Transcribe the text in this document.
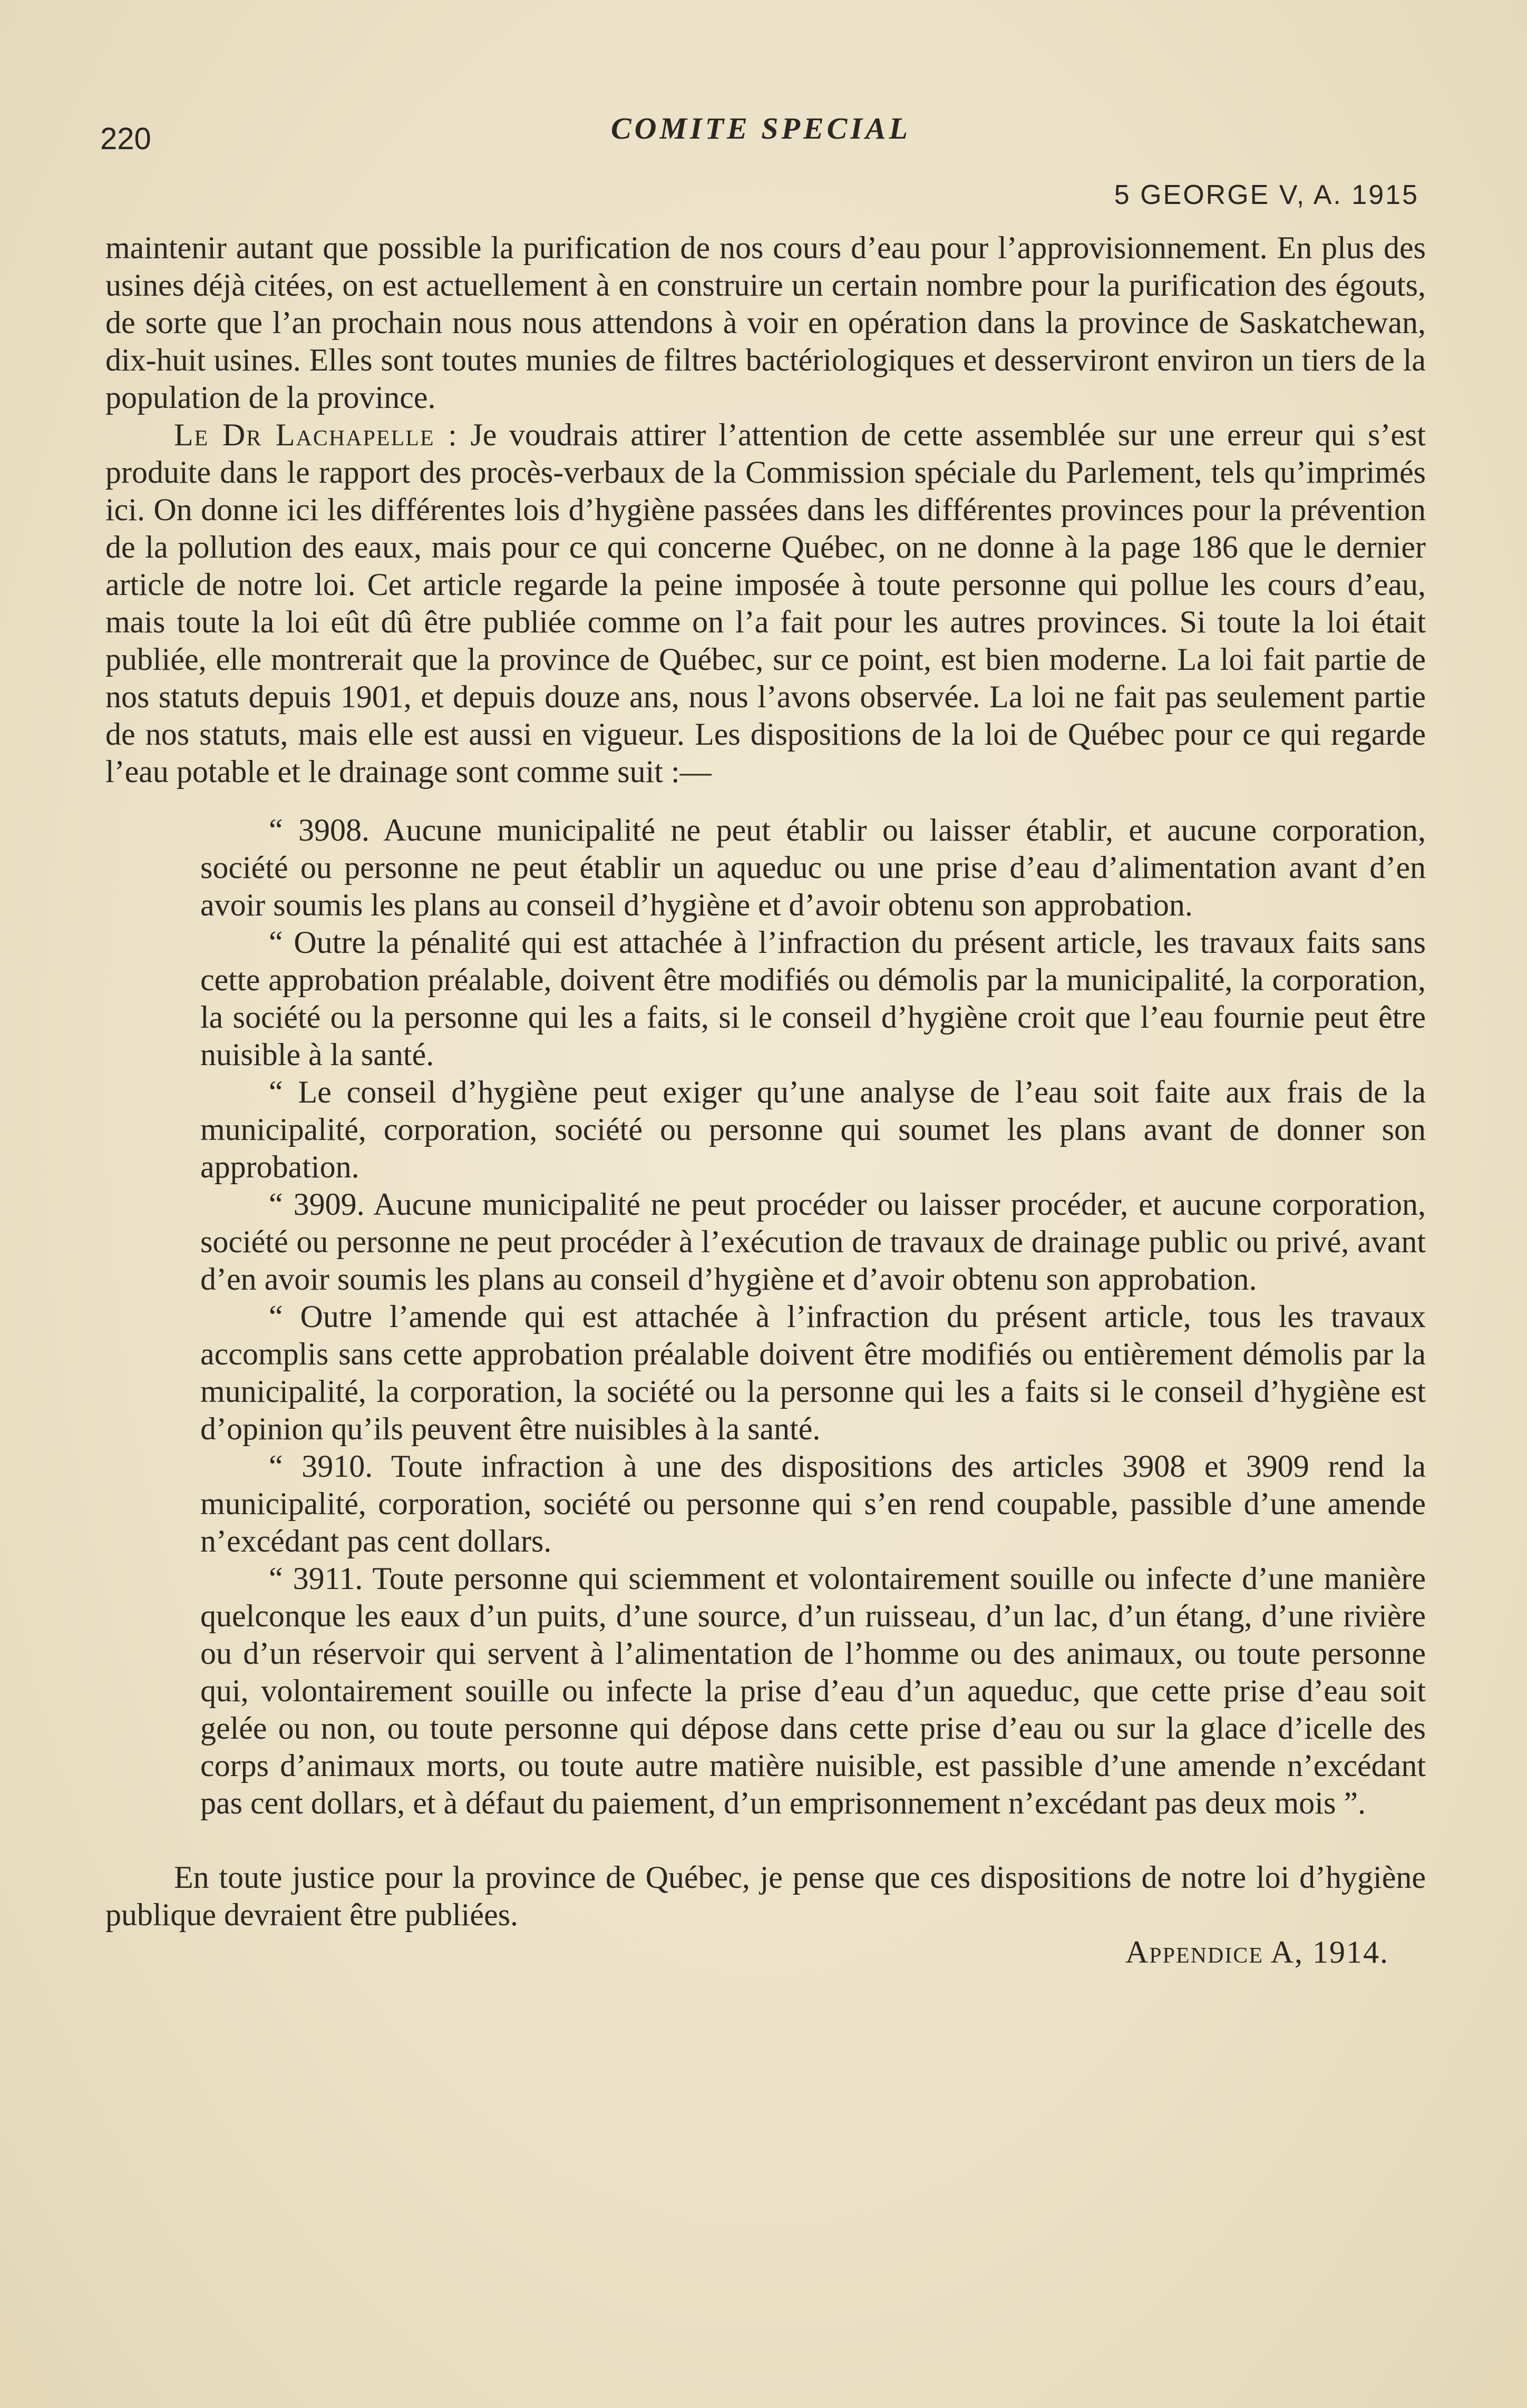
220	COMITE SPECIAL
5 GEORGE V, A. 1915

maintenir autant que possible la purification de nos cours d’eau pour l’approvisionnement. En plus des usines déjà citées, on est actuellement à en construire un certain nombre pour la purification des égouts, de sorte que l’an prochain nous nous attendons à voir en opération dans la province de Saskatchewan, dix-huit usines. Elles sont toutes munies de filtres bactériologiques et desserviront environ un tiers de la population de la province.

Le Dr Lachapelle : Je voudrais attirer l’attention de cette assemblée sur une erreur qui s’est produite dans le rapport des procès-verbaux de la Commission spéciale du Parlement, tels qu’imprimés ici. On donne ici les différentes lois d’hygiène passées dans les différentes provinces pour la prévention de la pollution des eaux, mais pour ce qui concerne Québec, on ne donne à la page 186 que le dernier article de notre loi. Cet article regarde la peine imposée à toute personne qui pollue les cours d’eau, mais toute la loi eût dû être publiée comme on l’a fait pour les autres provinces. Si toute la loi était publiée, elle montrerait que la province de Québec, sur ce point, est bien moderne. La loi fait partie de nos statuts depuis 1901, et depuis douze ans, nous l’avons observée. La loi ne fait pas seulement partie de nos statuts, mais elle est aussi en vigueur. Les dispositions de la loi de Québec pour ce qui regarde l’eau potable et le drainage sont comme suit :—

“ 3908. Aucune municipalité ne peut établir ou laisser établir, et aucune corporation, société ou personne ne peut établir un aqueduc ou une prise d’eau d’alimentation avant d’en avoir soumis les plans au conseil d’hygiène et d’avoir obtenu son approbation.

“ Outre la pénalité qui est attachée à l’infraction du présent article, les travaux faits sans cette approbation préalable, doivent être modifiés ou démolis par la municipalité, la corporation, la société ou la personne qui les a faits, si le conseil d’hygiène croit que l’eau fournie peut être nuisible à la santé.

“ Le conseil d’hygiène peut exiger qu’une analyse de l’eau soit faite aux frais de la municipalité, corporation, société ou personne qui soumet les plans avant de donner son approbation.

“ 3909. Aucune municipalité ne peut procéder ou laisser procéder, et aucune corporation, société ou personne ne peut procéder à l’exécution de travaux de drainage public ou privé, avant d’en avoir soumis les plans au conseil d’hygiène et d’avoir obtenu son approbation.

“ Outre l’amende qui est attachée à l’infraction du présent article, tous les travaux accomplis sans cette approbation préalable doivent être modifiés ou entièrement démolis par la municipalité, la corporation, la société ou la personne qui les a faits si le conseil d’hygiène est d’opinion qu’ils peuvent être nuisibles à la santé.

“ 3910. Toute infraction à une des dispositions des articles 3908 et 3909 rend la municipalité, corporation, société ou personne qui s’en rend coupable, passible d’une amende n’excédant pas cent dollars.

“ 3911. Toute personne qui sciemment et volontairement souille ou infecte d’une manière quelconque les eaux d’un puits, d’une source, d’un ruisseau, d’un lac, d’un étang, d’une rivière ou d’un réservoir qui servent à l’alimentation de l’homme ou des animaux, ou toute personne qui, volontairement souille ou infecte la prise d’eau d’un aqueduc, que cette prise d’eau soit gelée ou non, ou toute personne qui dépose dans cette prise d’eau ou sur la glace d’icelle des corps d’animaux morts, ou toute autre matière nuisible, est passible d’une amende n’excédant pas cent dollars, et à défaut du paiement, d’un emprisonnement n’excédant pas deux mois ”.

En toute justice pour la province de Québec, je pense que ces dispositions de notre loi d’hygiène publique devraient être publiées.

Appendice A, 1914.
